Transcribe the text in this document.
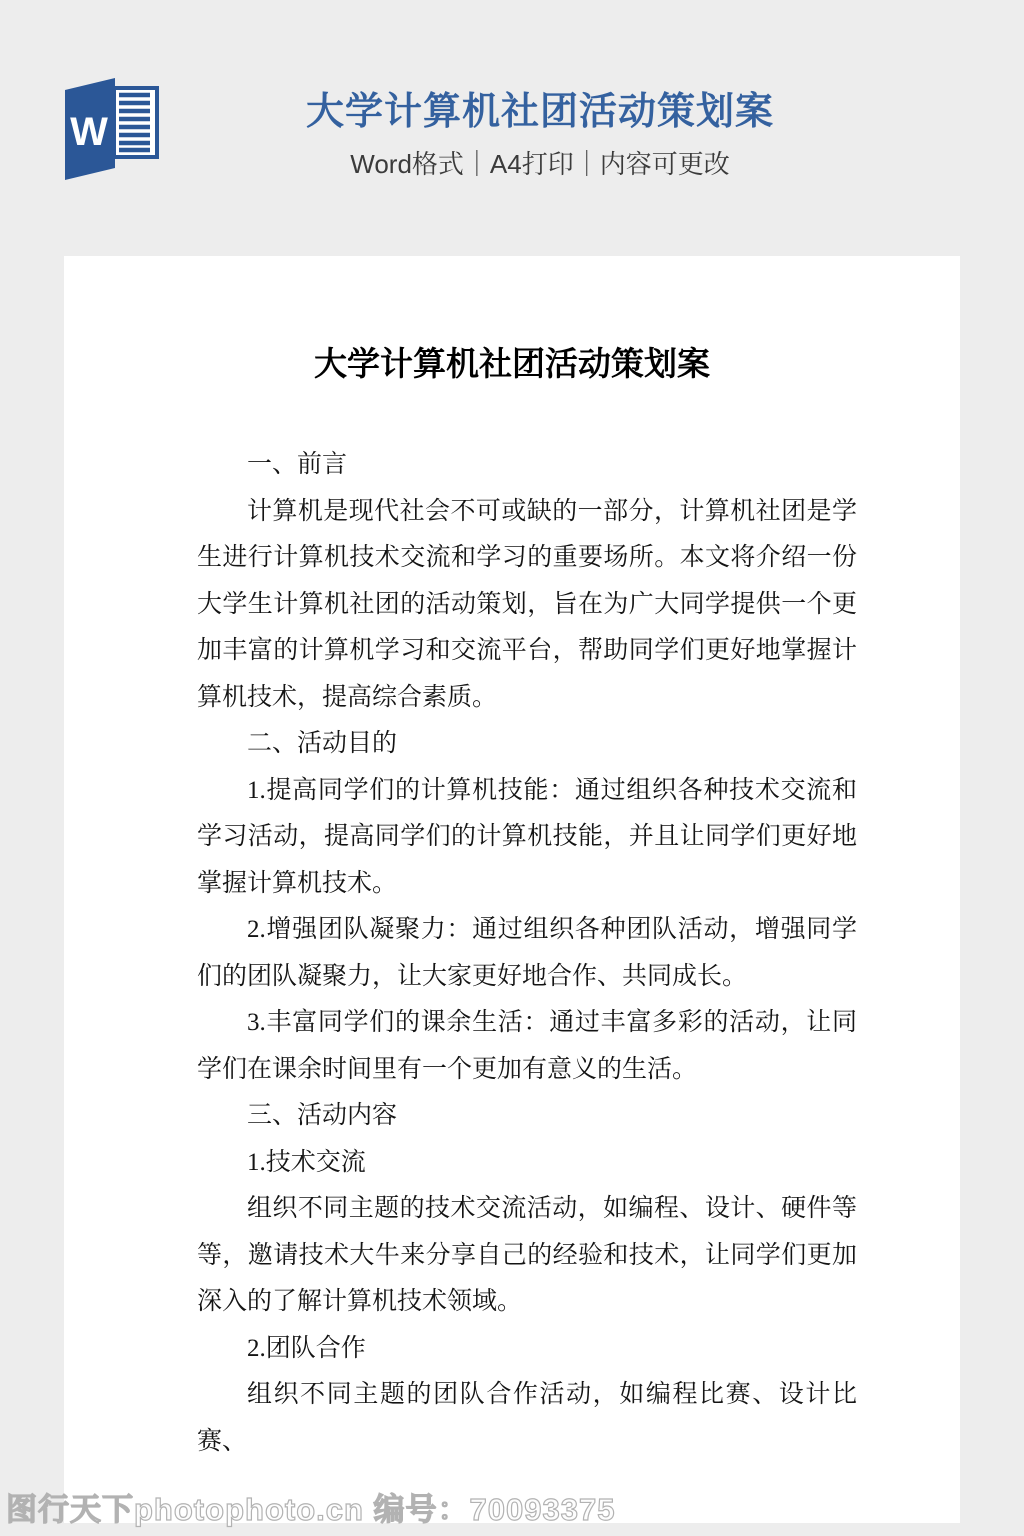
W	大学计算机社团活动策划案
Word格式｜A4打印｜内容可更改
大学计算机社团活动策划案

一、前言

计算机是现代社会不可或缺的一部分，计算机社团是学生进行计算机技术交流和学习的重要场所。本文将介绍一份大学生计算机社团的活动策划，旨在为广大同学提供一个更加丰富的计算机学习和交流平台，帮助同学们更好地掌握计算机技术，提高综合素质。

二、活动目的

1.提高同学们的计算机技能：通过组织各种技术交流和学习活动，提高同学们的计算机技能，并且让同学们更好地掌握计算机技术。

2.增强团队凝聚力：通过组织各种团队活动，增强同学们的团队凝聚力，让大家更好地合作、共同成长。

3.丰富同学们的课余生活：通过丰富多彩的活动，让同学们在课余时间里有一个更加有意义的生活。

三、活动内容

1.技术交流

组织不同主题的技术交流活动，如编程、设计、硬件等等，邀请技术大牛来分享自己的经验和技术，让同学们更加深入的了解计算机技术领域。

2.团队合作

组织不同主题的团队合作活动，如编程比赛、设计比赛、

图行天下photophoto.cn 编号：70093375
